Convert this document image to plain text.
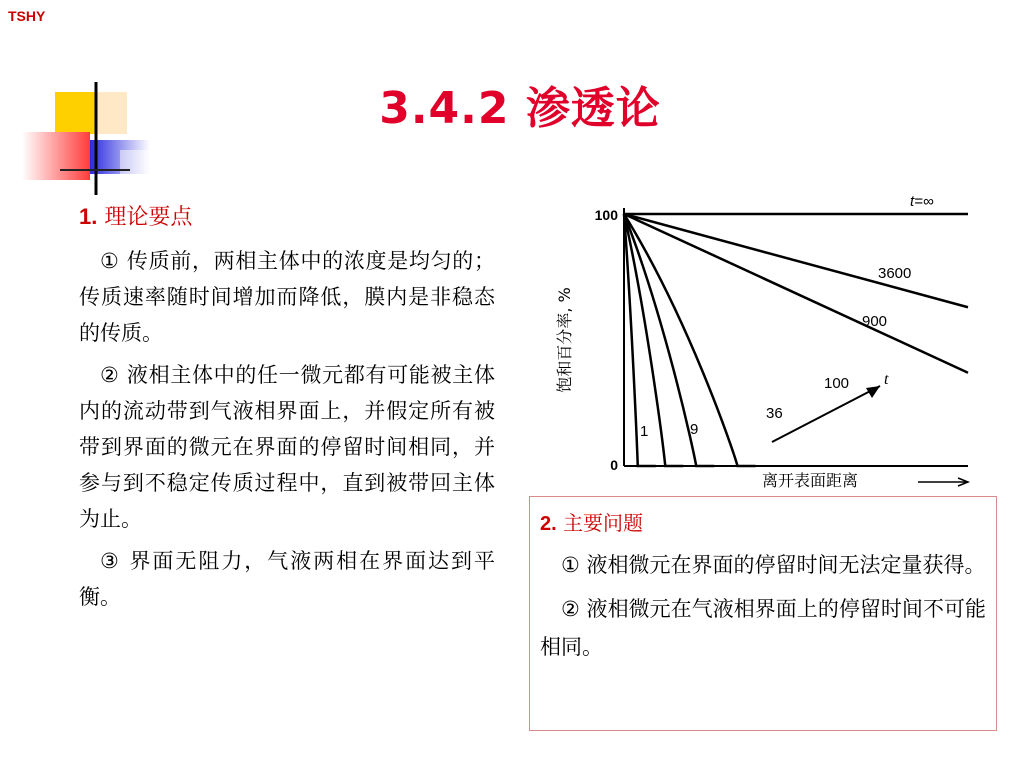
TSHY
3.4.2 渗透论
1. 理论要点

① 传质前，两相主体中的浓度是均匀的；传质速率随时间增加而降低，膜内是非稳态的传质。

② 液相主体中的任一微元都有可能被主体内的流动带到气液相界面上，并假定所有被带到界面的微元在界面的停留时间相同，并参与到不稳定传质过程中，直到被带回主体为止。

③ 界面无阻力，气液两相在界面达到平衡。

饱和百分率, %
100
0
离开表面距离
1	9
36
100
900
3600
t=∞
t
2. 主要问题

① 液相微元在界面的停留时间无法定量获得。

② 液相微元在气液相界面上的停留时间不可能相同。
